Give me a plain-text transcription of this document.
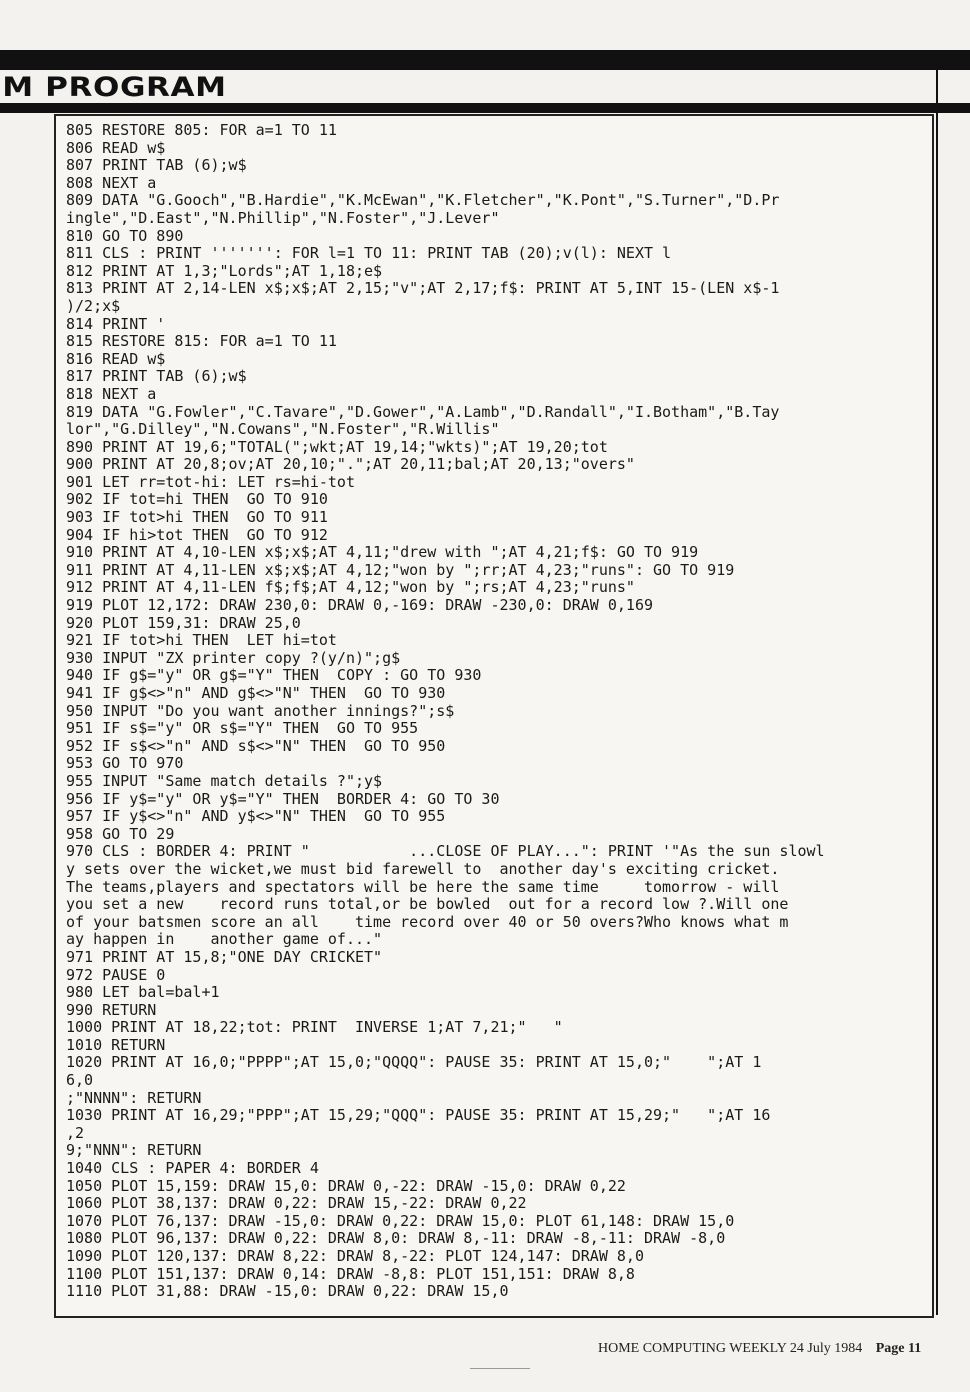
M PROGRAM
805 RESTORE 805: FOR a=1 TO 11
806 READ w$
807 PRINT TAB (6);w$
808 NEXT a
809 DATA "G.Gooch","B.Hardie","K.McEwan","K.Fletcher","K.Pont","S.Turner","D.Pr
ingle","D.East","N.Phillip","N.Foster","J.Lever"
810 GO TO 890
811 CLS : PRINT ''''''': FOR l=1 TO 11: PRINT TAB (20);v(l): NEXT l
812 PRINT AT 1,3;"Lords";AT 1,18;e$
813 PRINT AT 2,14-LEN x$;x$;AT 2,15;"v";AT 2,17;f$: PRINT AT 5,INT 15-(LEN x$-1
)/2;x$
814 PRINT '
815 RESTORE 815: FOR a=1 TO 11
816 READ w$
817 PRINT TAB (6);w$
818 NEXT a
819 DATA "G.Fowler","C.Tavare","D.Gower","A.Lamb","D.Randall","I.Botham","B.Tay
lor","G.Dilley","N.Cowans","N.Foster","R.Willis"
890 PRINT AT 19,6;"TOTAL(";wkt;AT 19,14;"wkts)";AT 19,20;tot
900 PRINT AT 20,8;ov;AT 20,10;".";AT 20,11;bal;AT 20,13;"overs"
901 LET rr=tot-hi: LET rs=hi-tot
902 IF tot=hi THEN  GO TO 910
903 IF tot>hi THEN  GO TO 911
904 IF hi>tot THEN  GO TO 912
910 PRINT AT 4,10-LEN x$;x$;AT 4,11;"drew with ";AT 4,21;f$: GO TO 919
911 PRINT AT 4,11-LEN x$;x$;AT 4,12;"won by ";rr;AT 4,23;"runs": GO TO 919
912 PRINT AT 4,11-LEN f$;f$;AT 4,12;"won by ";rs;AT 4,23;"runs"
919 PLOT 12,172: DRAW 230,0: DRAW 0,-169: DRAW -230,0: DRAW 0,169
920 PLOT 159,31: DRAW 25,0
921 IF tot>hi THEN  LET hi=tot
930 INPUT "ZX printer copy ?(y/n)";g$
940 IF g$="y" OR g$="Y" THEN  COPY : GO TO 930
941 IF g$<>"n" AND g$<>"N" THEN  GO TO 930
950 INPUT "Do you want another innings?";s$
951 IF s$="y" OR s$="Y" THEN  GO TO 955
952 IF s$<>"n" AND s$<>"N" THEN  GO TO 950
953 GO TO 970
955 INPUT "Same match details ?";y$
956 IF y$="y" OR y$="Y" THEN  BORDER 4: GO TO 30
957 IF y$<>"n" AND y$<>"N" THEN  GO TO 955
958 GO TO 29
970 CLS : BORDER 4: PRINT "           ...CLOSE OF PLAY...": PRINT '"As the sun slowl
y sets over the wicket,we must bid farewell to  another day's exciting cricket.
The teams,players and spectators will be here the same time     tomorrow - will
you set a new    record runs total,or be bowled  out for a record low ?.Will one
of your batsmen score an all    time record over 40 or 50 overs?Who knows what m
ay happen in    another game of..."
971 PRINT AT 15,8;"ONE DAY CRICKET"
972 PAUSE 0
980 LET bal=bal+1
990 RETURN
1000 PRINT AT 18,22;tot: PRINT  INVERSE 1;AT 7,21;"   "
1010 RETURN
1020 PRINT AT 16,0;"PPPP";AT 15,0;"QQQQ": PAUSE 35: PRINT AT 15,0;"    ";AT 1
6,0
;"NNNN": RETURN
1030 PRINT AT 16,29;"PPP";AT 15,29;"QQQ": PAUSE 35: PRINT AT 15,29;"   ";AT 16
,2
9;"NNN": RETURN
1040 CLS : PAPER 4: BORDER 4
1050 PLOT 15,159: DRAW 15,0: DRAW 0,-22: DRAW -15,0: DRAW 0,22
1060 PLOT 38,137: DRAW 0,22: DRAW 15,-22: DRAW 0,22
1070 PLOT 76,137: DRAW -15,0: DRAW 0,22: DRAW 15,0: PLOT 61,148: DRAW 15,0
1080 PLOT 96,137: DRAW 0,22: DRAW 8,0: DRAW 8,-11: DRAW -8,-11: DRAW -8,0
1090 PLOT 120,137: DRAW 8,22: DRAW 8,-22: PLOT 124,147: DRAW 8,0
1100 PLOT 151,137: DRAW 0,14: DRAW -8,8: PLOT 151,151: DRAW 8,8
1110 PLOT 31,88: DRAW -15,0: DRAW 0,22: DRAW 15,0
HOME COMPUTING WEEKLY 24 July 1984 Page 11
